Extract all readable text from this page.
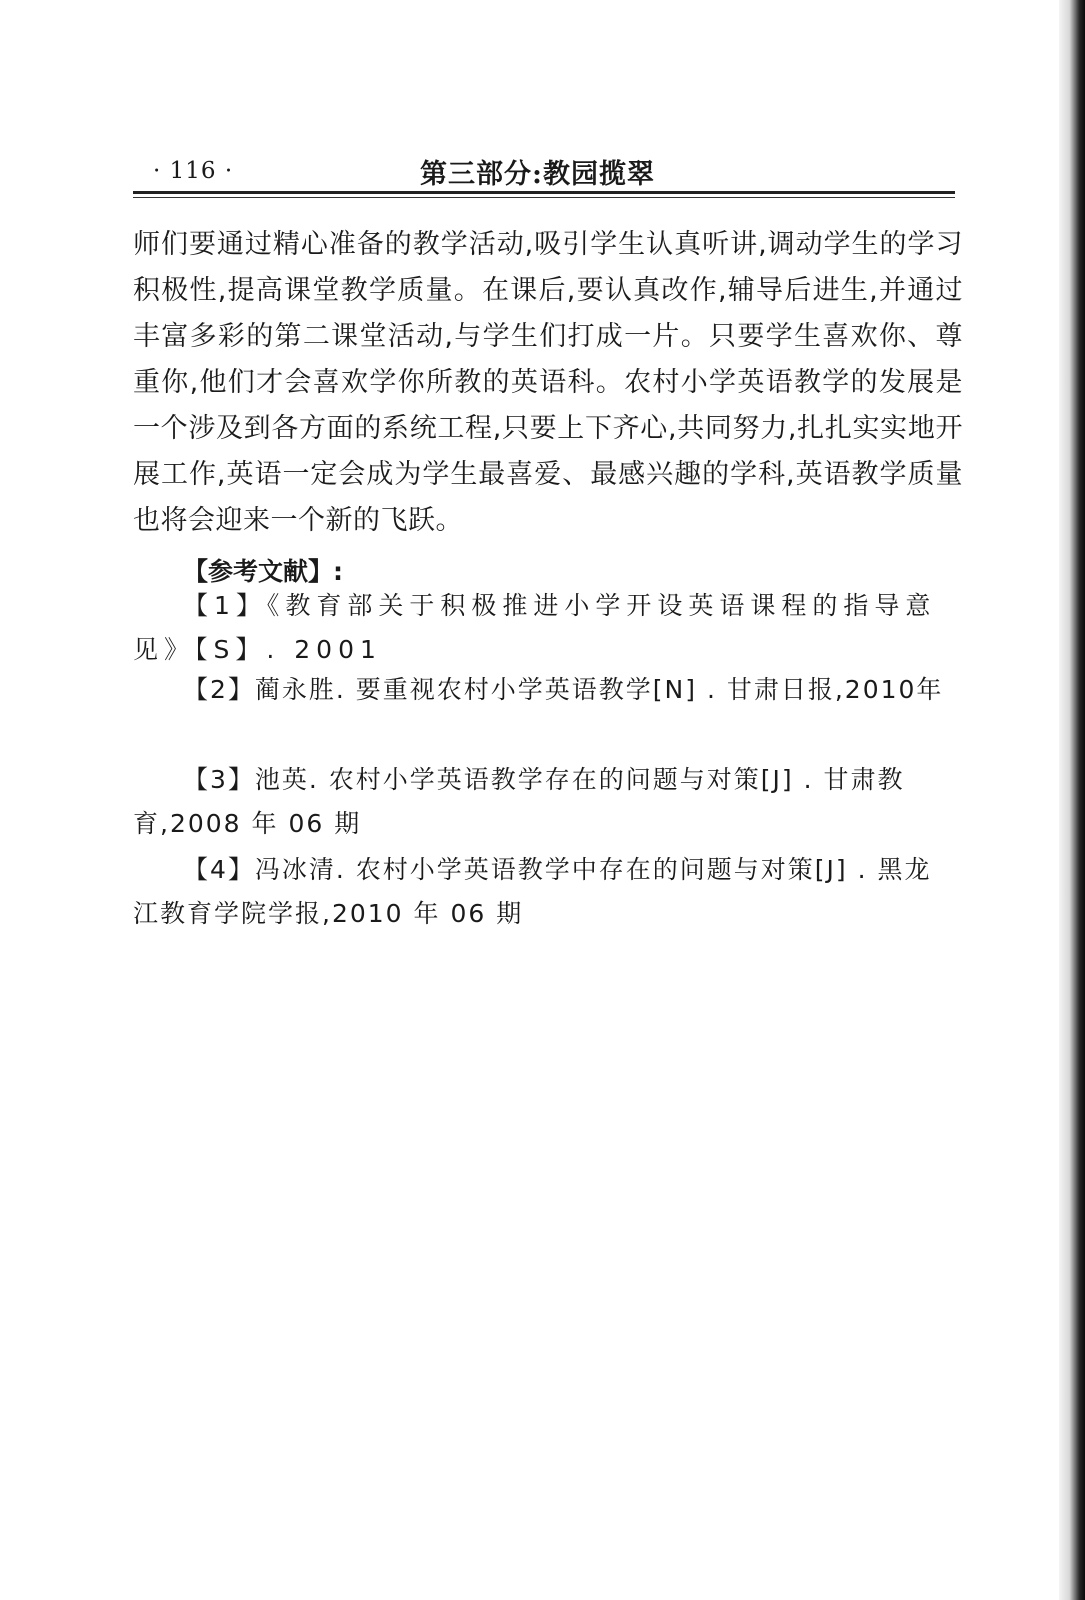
· 116 ·	第三部分:教园揽翠
师们要通过精心准备的教学活动,吸引学生认真听讲,调动学生的学习积极性,提高课堂教学质量。在课后,要认真改作,辅导后进生,并通过丰富多彩的第二课堂活动,与学生们打成一片。只要学生喜欢你、尊重你,他们才会喜欢学你所教的英语科。农村小学英语教学的发展是一个涉及到各方面的系统工程,只要上下齐心,共同努力,扎扎实实地开展工作,英语一定会成为学生最喜爱、最感兴趣的学科,英语教学质量也将会迎来一个新的飞跃。
【参考文献】:
【1】《教育部关于积极推进小学开设英语课程的指导意见》【S】. 2001
【2】蔺永胜. 要重视农村小学英语教学[N] . 甘肃日报,2010年
【3】池英. 农村小学英语教学存在的问题与对策[J] . 甘肃教育,2008 年 06 期
【4】冯冰清. 农村小学英语教学中存在的问题与对策[J] . 黑龙江教育学院学报,2010 年 06 期
